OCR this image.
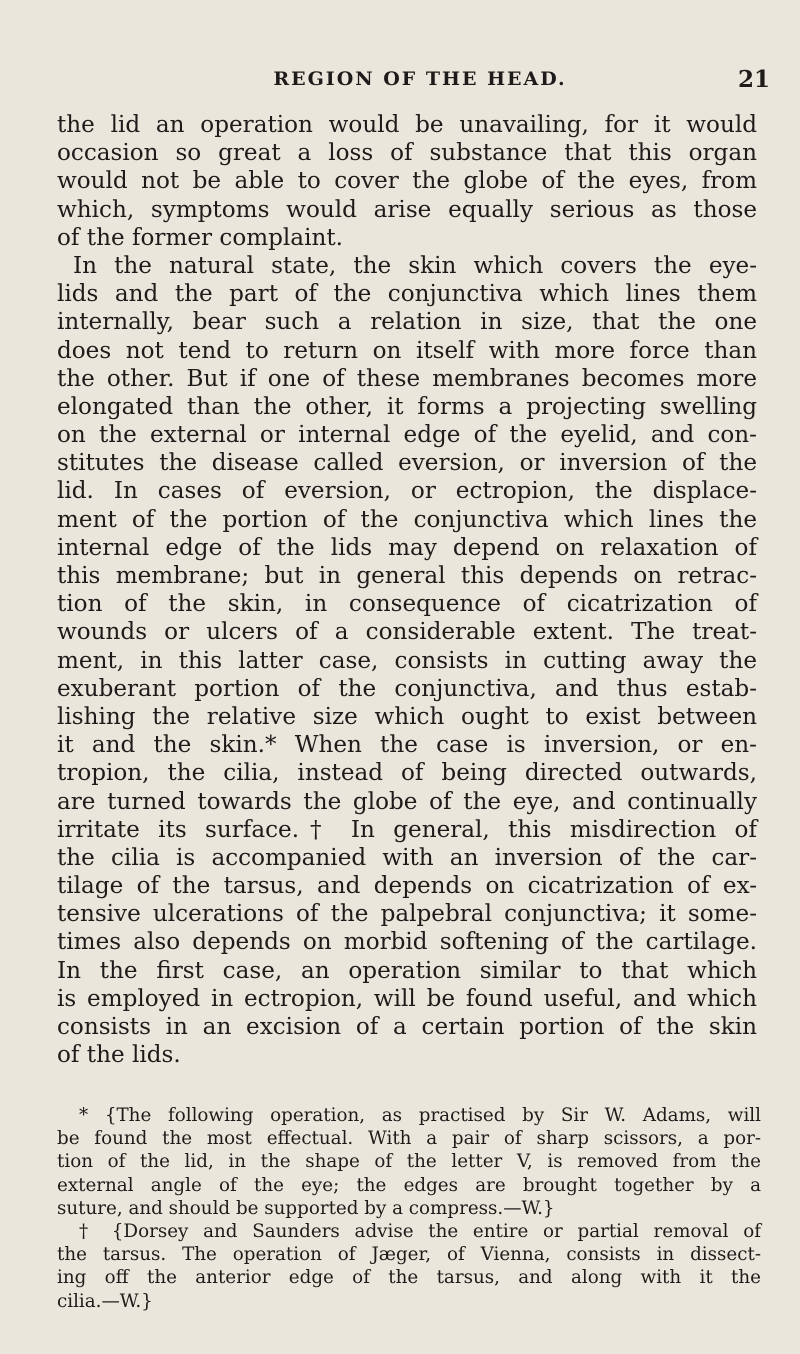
REGION OF THE HEAD.	21
the lid an operation would be unavailing, for it would
occasion so great a loss of substance that this organ
would not be able to cover the globe of the eyes, from
which, symptoms would arise equally serious as those
of the former complaint.
In the natural state, the skin which covers the eye-
lids and the part of the conjunctiva which lines them
internally, bear such a relation in size, that the one
does not tend to return on itself with more force than
the other. But if one of these membranes becomes more
elongated than the other, it forms a projecting swelling
on the external or internal edge of the eyelid, and con-
stitutes the disease called eversion, or inversion of the
lid. In cases of eversion, or ectropion, the displace-
ment of the portion of the conjunctiva which lines the
internal edge of the lids may depend on relaxation of
this membrane; but in general this depends on retrac-
tion of the skin, in consequence of cicatrization of
wounds or ulcers of a considerable extent. The treat-
ment, in this latter case, consists in cutting away the
exuberant portion of the conjunctiva, and thus estab-
lishing the relative size which ought to exist between
it and the skin.* When the case is inversion, or en-
tropion, the cilia, instead of being directed outwards,
are turned towards the globe of the eye, and continually
irritate its surface.† In general, this misdirection of
the cilia is accompanied with an inversion of the car-
tilage of the tarsus, and depends on cicatrization of ex-
tensive ulcerations of the palpebral conjunctiva; it some-
times also depends on morbid softening of the cartilage.
In the first case, an operation similar to that which
is employed in ectropion, will be found useful, and which
consists in an excision of a certain portion of the skin
of the lids.
* {The following operation, as practised by Sir W. Adams, will
be found the most effectual. With a pair of sharp scissors, a por-
tion of the lid, in the shape of the letter V, is removed from the
external angle of the eye; the edges are brought together by a
suture, and should be supported by a compress.—W.}
† {Dorsey and Saunders advise the entire or partial removal of
the tarsus. The operation of Jæger, of Vienna, consists in dissect-
ing off the anterior edge of the tarsus, and along with it the
cilia.—W.}
